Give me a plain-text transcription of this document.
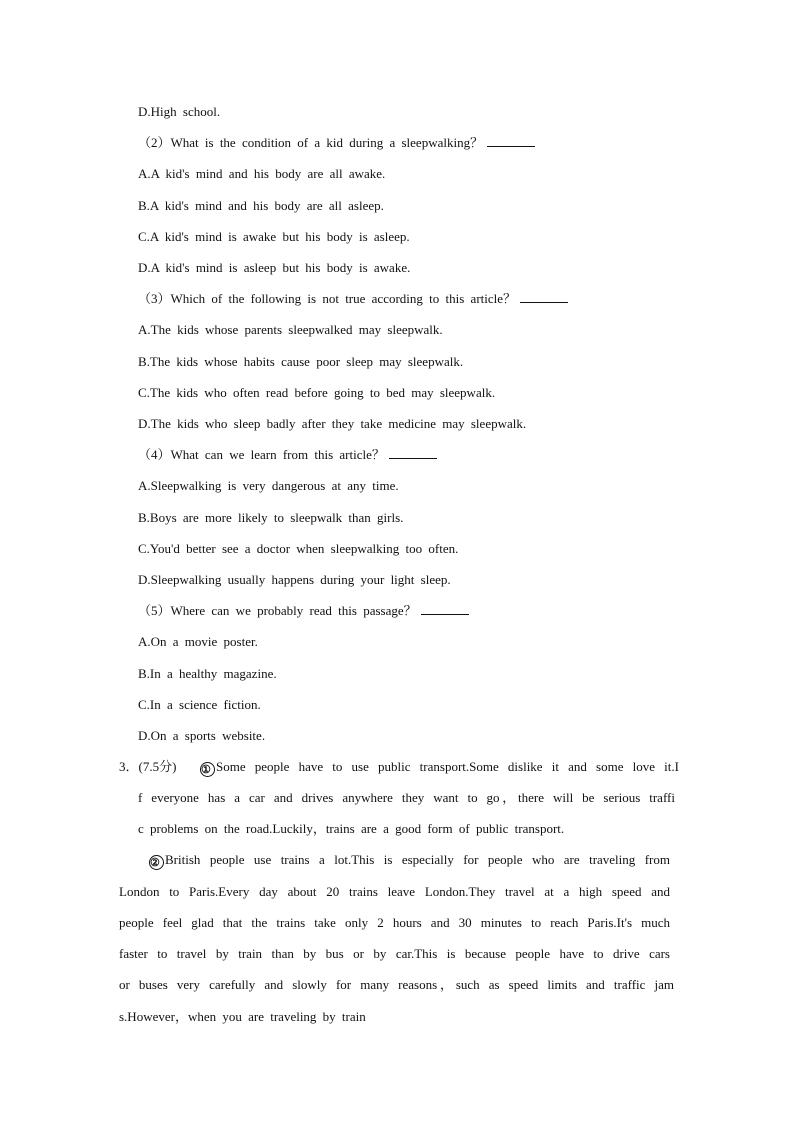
D.High school.
（2）What is the condition of a kid during a sleepwalking？
A.A kid's mind and his body are all awake.
B.A kid's mind and his body are all asleep.
C.A kid's mind is awake but his body is asleep.
D.A kid's mind is asleep but his body is awake.
（3）Which of the following is not true according to this article？
A.The kids whose parents sleepwalked may sleepwalk.
B.The kids whose habits cause poor sleep may sleepwalk.
C.The kids who often read before going to bed may sleepwalk.
D.The kids who sleep badly after they take medicine may sleepwalk.
（4）What can we learn from this article？
A.Sleepwalking is very dangerous at any time.
B.Boys are more likely to sleepwalk than girls.
C.You'd better see a doctor when sleepwalking too often.
D.Sleepwalking usually happens during your light sleep.
（5）Where can we probably read this passage？
A.On a movie poster.
B.In a healthy magazine.
C.In a science fiction.
D.On a sports website.
3．(7.5分) ① Some people have to use public transport.Some dislike it and some love it.I
f everyone has a car and drives anywhere they want to go，there will be serious traffi
c problems on the road.Luckily，trains are a good form of public transport.
② British people use trains a lot.This is especially for people who are traveling from
London to Paris.Every day about 20 trains leave London.They travel at a high speed and
people feel glad that the trains take only 2 hours and 30 minutes to reach Paris.It's much
faster to travel by train than by bus or by car.This is because people have to drive cars
or buses very carefully and slowly for many reasons，such as speed limits and traffic jam
s.However，when you are traveling by train
